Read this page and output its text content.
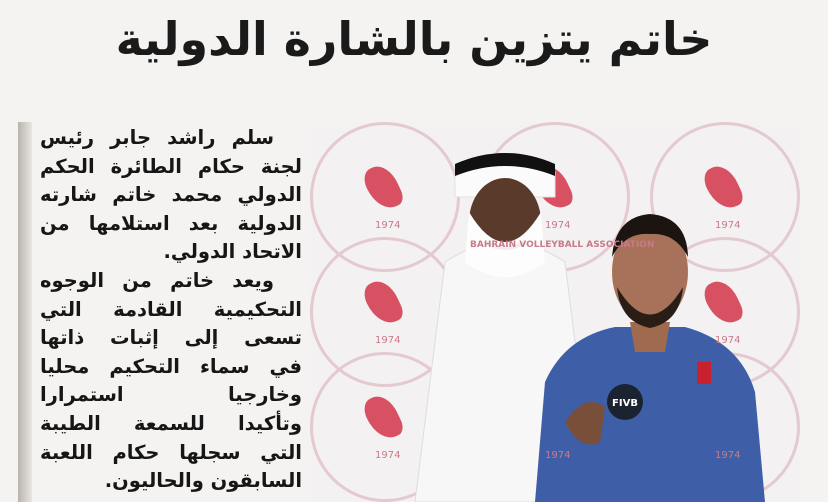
خاتم يتزين بالشارة الدولية

سلم راشد جابر رئيس
لجنة حكام الطائرة الحكم
الدولي محمد خاتم شارته
الدولية بعد استلامها من
الاتحاد الدولي.

ويعد خاتم من الوجوه
التحكيمية القادمة التي
تسعى إلى إثبات ذاتها
في سماء التحكيم محليا
وخارجيا استمرارا
وتأكيدا للسمعة الطيبة
التي سجلها حكام اللعبة
السابقون والحاليون.

1974	1974	1974
1974	1974
1974	1974	1974
BAHRAIN VOLLEYBALL ASSOCIATION
FIVB
